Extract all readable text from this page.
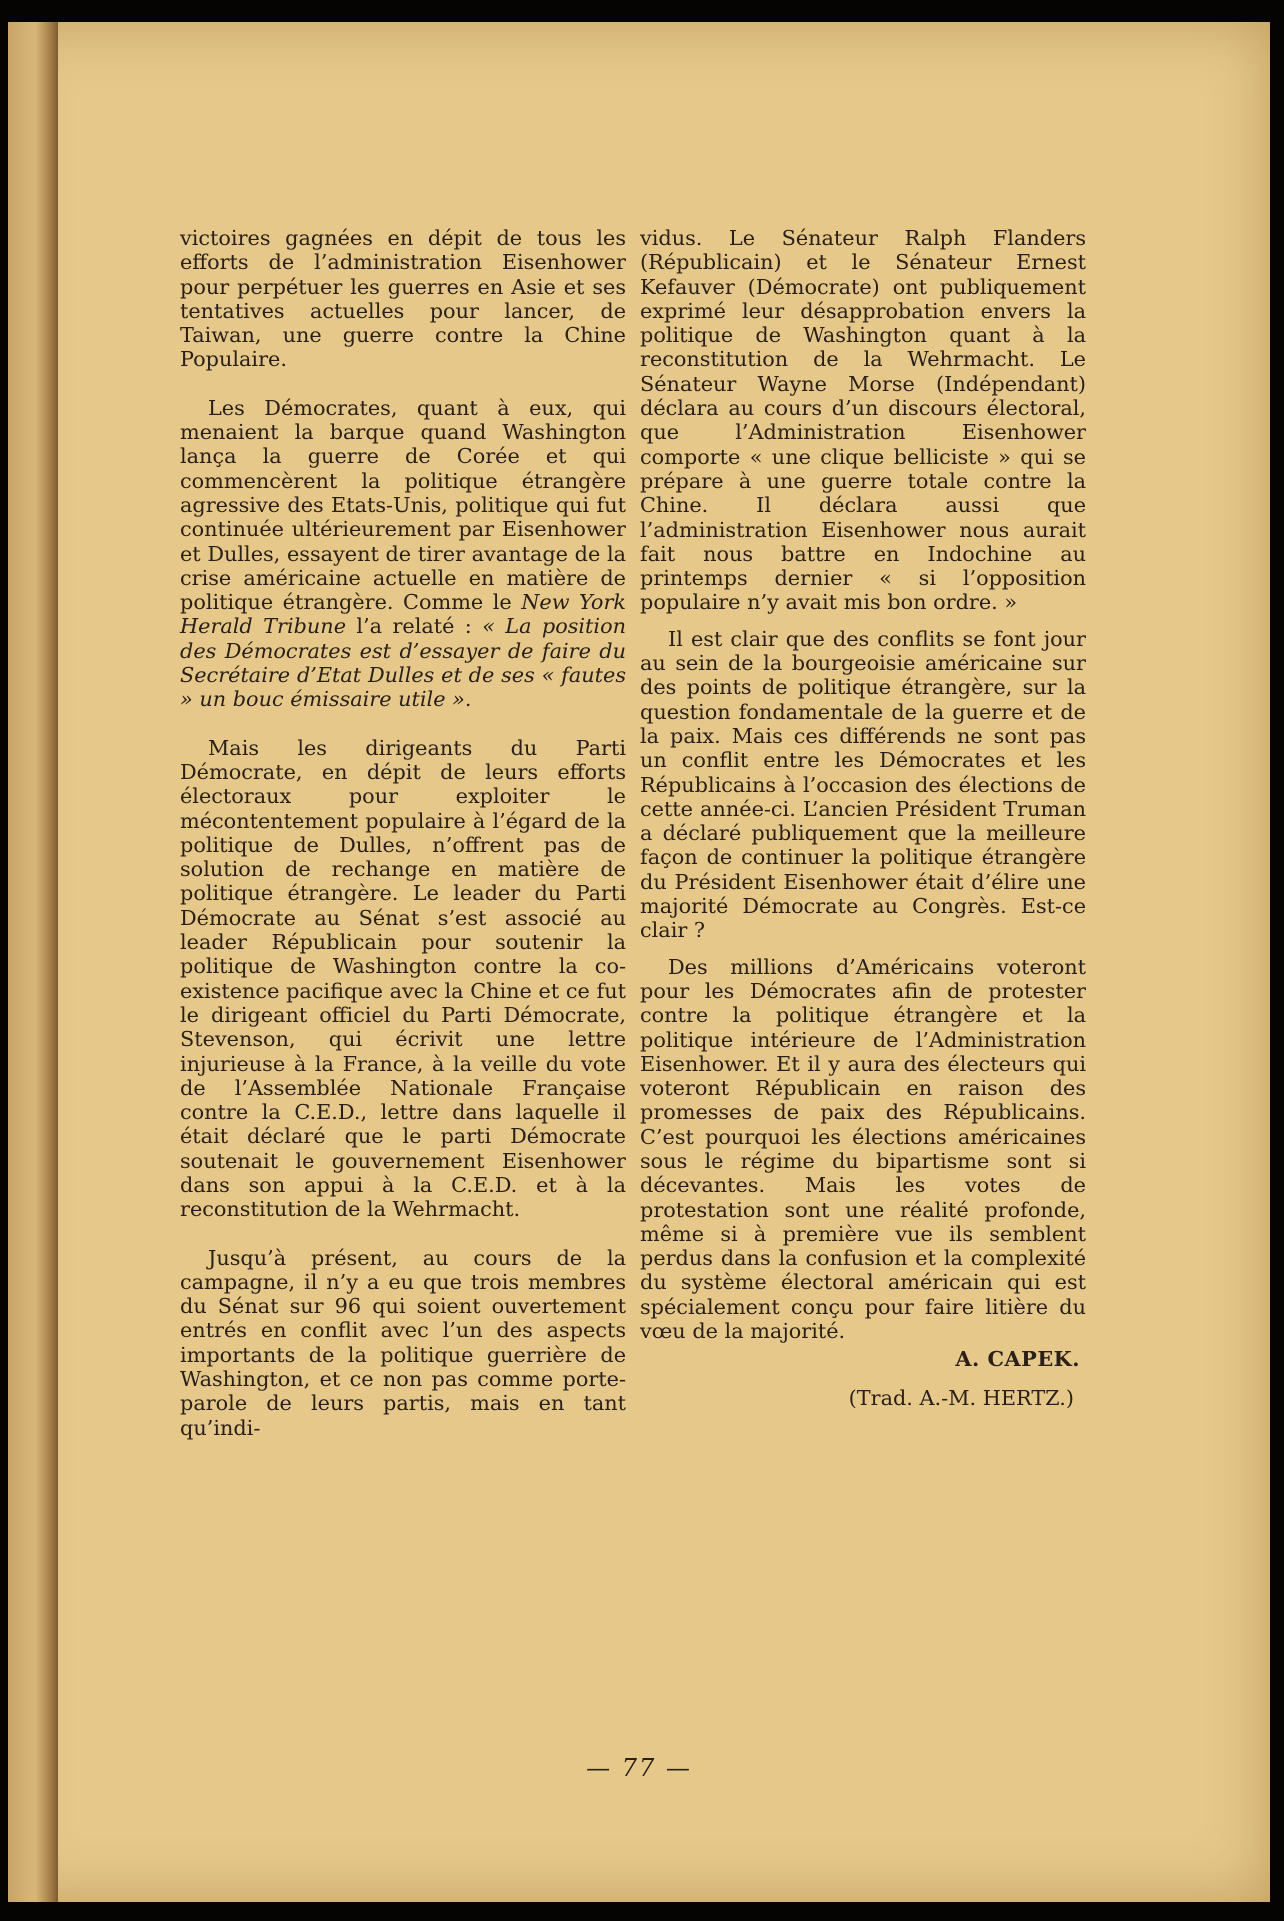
victoires gagnées en dépit de tous les efforts de l’administration Eisenhower pour perpétuer les guerres en Asie et ses tentatives actuelles pour lancer, de Taiwan, une guerre contre la Chine Populaire.

Les Démocrates, quant à eux, qui menaient la barque quand Washington lança la guerre de Corée et qui commencèrent la politique étrangère agressive des Etats-Unis, politique qui fut continuée ultérieurement par Eisenhower et Dulles, essayent de tirer avantage de la crise américaine actuelle en matière de politique étrangère. Comme le New York Herald Tribune l’a relaté : « La position des Démocrates est d’essayer de faire du Secrétaire d’Etat Dulles et de ses « fautes » un bouc émissaire utile ».

Mais les dirigeants du Parti Démocrate, en dépit de leurs efforts électoraux pour exploiter le mécontentement populaire à l’égard de la politique de Dulles, n’offrent pas de solution de rechange en matière de politique étrangère. Le leader du Parti Démocrate au Sénat s’est associé au leader Républicain pour soutenir la politique de Washington contre la co-existence pacifique avec la Chine et ce fut le dirigeant officiel du Parti Démocrate, Stevenson, qui écrivit une lettre injurieuse à la France, à la veille du vote de l’Assemblée Nationale Française contre la C.E.D., lettre dans laquelle il était déclaré que le parti Démocrate soutenait le gouvernement Eisenhower dans son appui à la C.E.D. et à la reconstitution de la Wehrmacht.

Jusqu’à présent, au cours de la campagne, il n’y a eu que trois membres du Sénat sur 96 qui soient ouvertement entrés en conflit avec l’un des aspects importants de la politique guerrière de Washington, et ce non pas comme porte-parole de leurs partis, mais en tant qu’indi-

vidus. Le Sénateur Ralph Flanders (Républicain) et le Sénateur Ernest Kefauver (Démocrate) ont publiquement exprimé leur désapprobation envers la politique de Washington quant à la reconstitution de la Wehrmacht. Le Sénateur Wayne Morse (Indépendant) déclara au cours d’un discours électoral, que l’Administration Eisenhower comporte « une clique belliciste » qui se prépare à une guerre totale contre la Chine. Il déclara aussi que l’administration Eisenhower nous aurait fait nous battre en Indochine au printemps dernier « si l’opposition populaire n’y avait mis bon ordre. »

Il est clair que des conflits se font jour au sein de la bourgeoisie américaine sur des points de politique étrangère, sur la question fondamentale de la guerre et de la paix. Mais ces différends ne sont pas un conflit entre les Démocrates et les Républicains à l’occasion des élections de cette année-ci. L’ancien Président Truman a déclaré publiquement que la meilleure façon de continuer la politique étrangère du Président Eisenhower était d’élire une majorité Démocrate au Congrès. Est-ce clair ?

Des millions d’Américains voteront pour les Démocrates afin de protester contre la politique étrangère et la politique intérieure de l’Administration Eisenhower. Et il y aura des électeurs qui voteront Républicain en raison des promesses de paix des Républicains. C’est pourquoi les élections américaines sous le régime du bipartisme sont si décevantes. Mais les votes de protestation sont une réalité profonde, même si à première vue ils semblent perdus dans la confusion et la complexité du système électoral américain qui est spécialement conçu pour faire litière du vœu de la majorité.

A. CAPEK.
(Trad. A.-M. HERTZ.)
— 77 —
